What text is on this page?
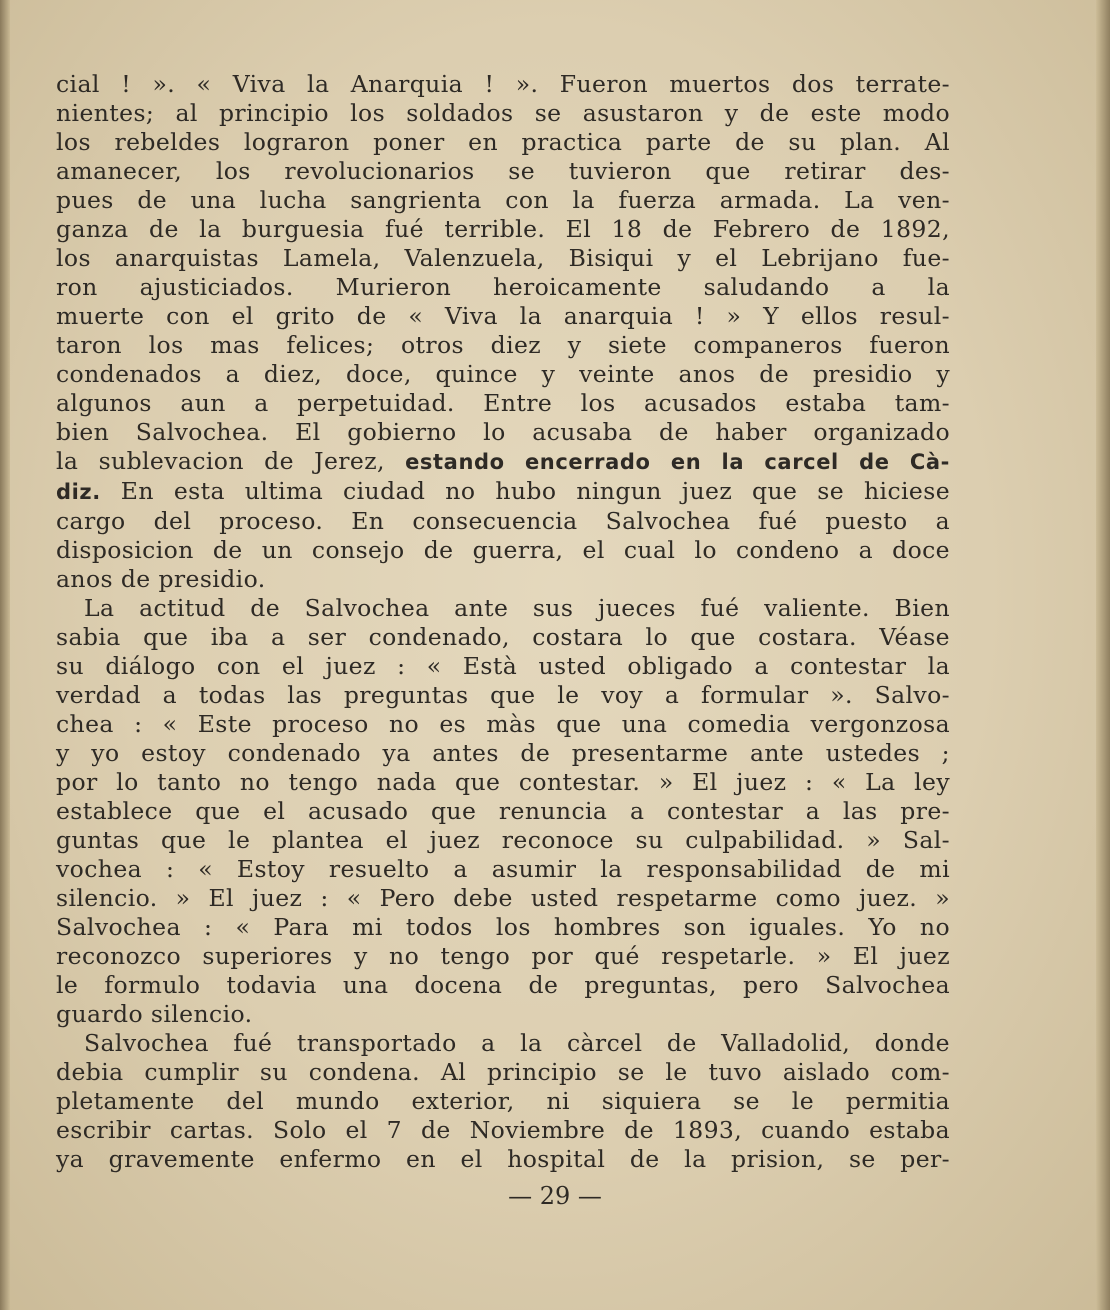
cial ! ». « Viva la Anarquia ! ». Fueron muertos dos terrate-
nientes; al principio los soldados se asustaron y de este modo
los rebeldes lograron poner en practica parte de su plan. Al
amanecer, los revolucionarios se tuvieron que retirar des-
pues de una lucha sangrienta con la fuerza armada. La ven-
ganza de la burguesia fué terrible. El 18 de Febrero de 1892,
los anarquistas Lamela, Valenzuela, Bisiqui y el Lebrijano fue-
ron ajusticiados. Murieron heroicamente saludando a la
muerte con el grito de « Viva la anarquia ! » Y ellos resul-
taron los mas felices; otros diez y siete companeros fueron
condenados a diez, doce, quince y veinte anos de presidio y
algunos aun a perpetuidad. Entre los acusados estaba tam-
bien Salvochea. El gobierno lo acusaba de haber organizado
la sublevacion de Jerez, estando encerrado en la carcel de Cà-
diz. En esta ultima ciudad no hubo ningun juez que se hiciese
cargo del proceso. En consecuencia Salvochea fué puesto a
disposicion de un consejo de guerra, el cual lo condeno a doce
anos de presidio.
La actitud de Salvochea ante sus jueces fué valiente. Bien
sabia que iba a ser condenado, costara lo que costara. Véase
su diálogo con el juez : « Està usted obligado a contestar la
verdad a todas las preguntas que le voy a formular ». Salvo-
chea : « Este proceso no es màs que una comedia vergonzosa
y yo estoy condenado ya antes de presentarme ante ustedes ;
por lo tanto no tengo nada que contestar. » El juez : « La ley
establece que el acusado que renuncia a contestar a las pre-
guntas que le plantea el juez reconoce su culpabilidad. » Sal-
vochea : « Estoy resuelto a asumir la responsabilidad de mi
silencio. » El juez : « Pero debe usted respetarme como juez. »
Salvochea : « Para mi todos los hombres son iguales. Yo no
reconozco superiores y no tengo por qué respetarle. » El juez
le formulo todavia una docena de preguntas, pero Salvochea
guardo silencio.
Salvochea fué transportado a la càrcel de Valladolid, donde
debia cumplir su condena. Al principio se le tuvo aislado com-
pletamente del mundo exterior, ni siquiera se le permitia
escribir cartas. Solo el 7 de Noviembre de 1893, cuando estaba
ya gravemente enfermo en el hospital de la prision, se per-
— 29 —
